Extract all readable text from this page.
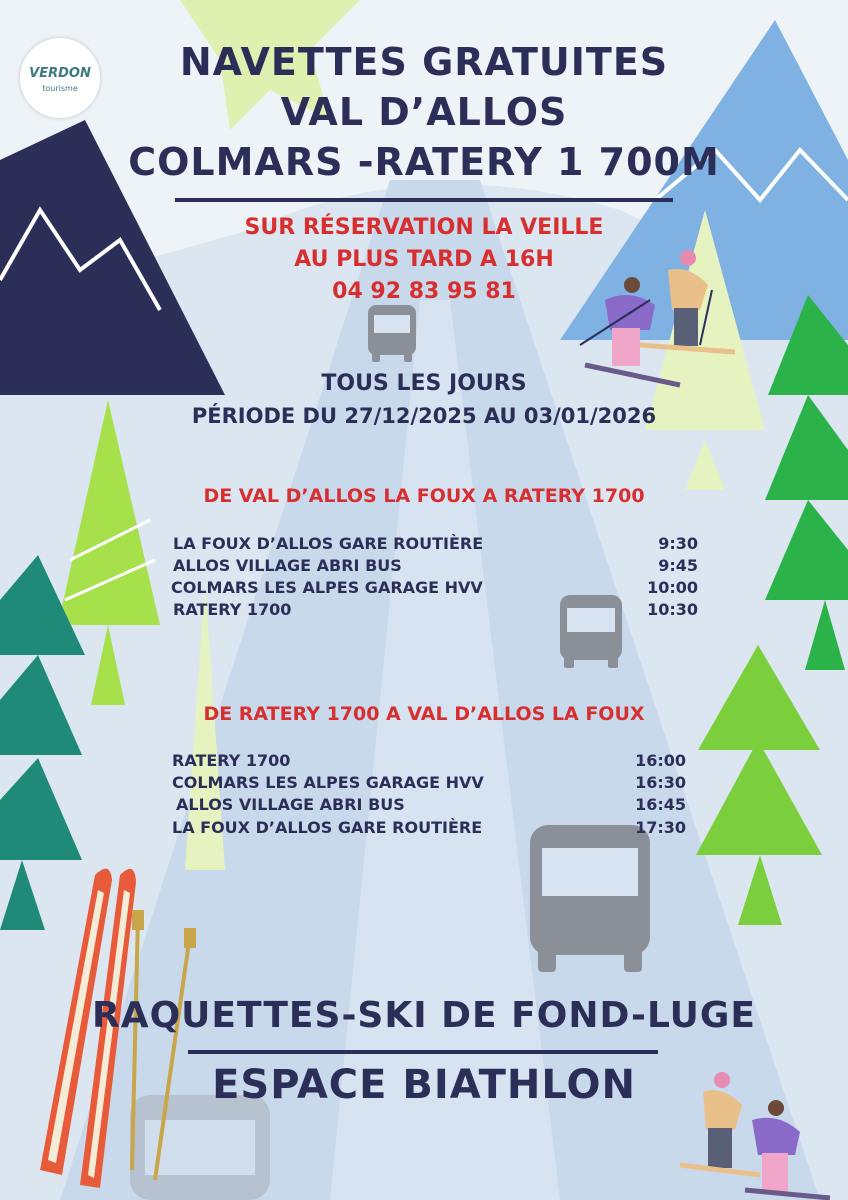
VERDON
tourisme
NAVETTES GRATUITES
VAL D’ALLOS
COLMARS -RATERY 1 700M
SUR RÉSERVATION LA VEILLE
AU PLUS TARD A 16H
04 92 83 95 81
TOUS LES JOURS
PÉRIODE DU 27/12/2025 AU 03/01/2026
DE VAL D’ALLOS LA FOUX A RATERY 1700
LA FOUX D’ALLOS GARE ROUTIÈRE	9:30
ALLOS VILLAGE ABRI BUS	9:45
COLMARS LES ALPES GARAGE HVV	10:00
RATERY 1700	10:30
DE RATERY 1700 A VAL D’ALLOS LA FOUX
RATERY 1700	16:00
COLMARS LES ALPES GARAGE HVV	16:30
ALLOS VILLAGE ABRI BUS	16:45
LA FOUX D’ALLOS GARE ROUTIÈRE	17:30
RAQUETTES-SKI DE FOND-LUGE
ESPACE BIATHLON
